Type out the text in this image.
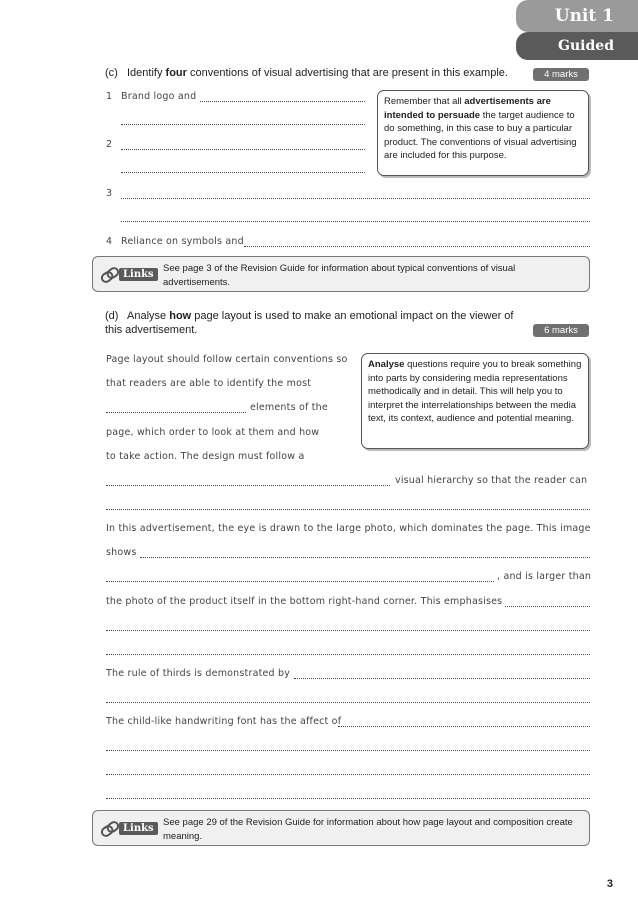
Unit 1
Guided
(c) Identify four conventions of visual advertising that are present in this example.	4 marks
1 Brand logo and
2
3
4 Reliance on symbols and
Remember that all advertisements are intended to persuade the target audience to do something, in this case to buy a particular product. The conventions of visual advertising are included for this purpose.
Links
See page 3 of the Revision Guide for information about typical conventions of visual advertisements.
(d) Analyse how page layout is used to make an emotional impact on the viewer of this advertisement.	6 marks
Analyse questions require you to break something into parts by considering media representations methodically and in detail. This will help you to interpret the interrelationships between the media text, its context, audience and potential meaning.
Page layout should follow certain conventions so
that readers are able to identify the most
elements of the
page, which order to look at them and how
to take action. The design must follow a
visual hierarchy so that the reader can
In this advertisement, the eye is drawn to the large photo, which dominates the page. This image
shows
, and is larger than
the photo of the product itself in the bottom right-hand corner. This emphasises
The rule of thirds is demonstrated by
The child-like handwriting font has the affect of
Links
See page 29 of the Revision Guide for information about how page layout and composition create meaning.
3
